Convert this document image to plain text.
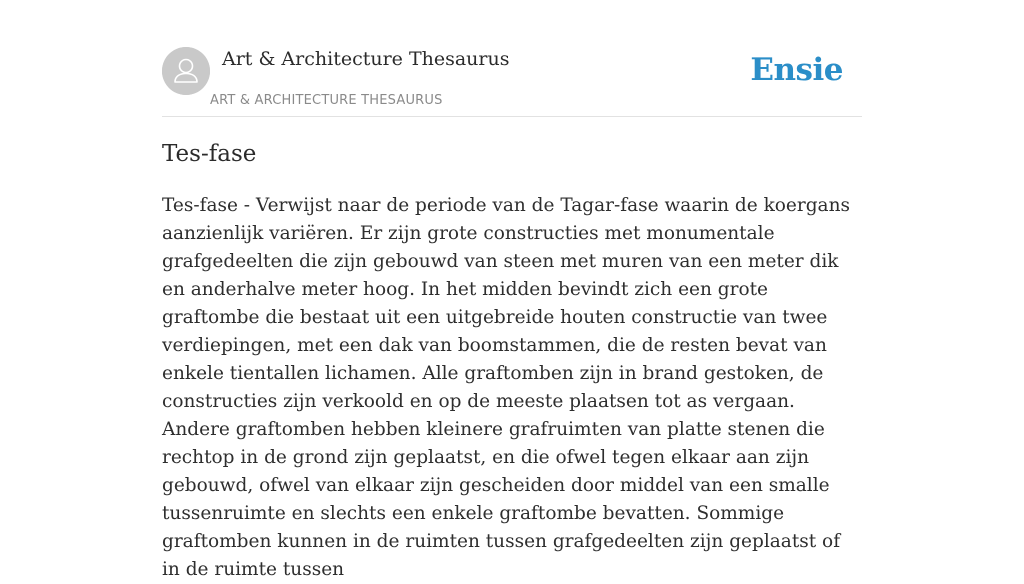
Art & Architecture Thesaurus
ART & ARCHITECTURE THESAURUS
Ensie
Tes-fase
Tes-fase - Verwijst naar de periode van de Tagar-fase waarin de koergans aanzienlijk variëren. Er zijn grote constructies met monumentale grafgedeelten die zijn gebouwd van steen met muren van een meter dik en anderhalve meter hoog. In het midden bevindt zich een grote graftombe die bestaat uit een uitgebreide houten constructie van twee verdiepingen, met een dak van boomstammen, die de resten bevat van enkele tientallen lichamen. Alle graftomben zijn in brand gestoken, de constructies zijn verkoold en op de meeste plaatsen tot as vergaan. Andere graftomben hebben kleinere grafruimten van platte stenen die rechtop in de grond zijn geplaatst, en die ofwel tegen elkaar aan zijn gebouwd, ofwel van elkaar zijn gescheiden door middel van een smalle tussenruimte en slechts een enkele graftombe bevatten. Sommige graftomben kunnen in de ruimten tussen grafgedeelten zijn geplaatst of in de ruimte tussen
